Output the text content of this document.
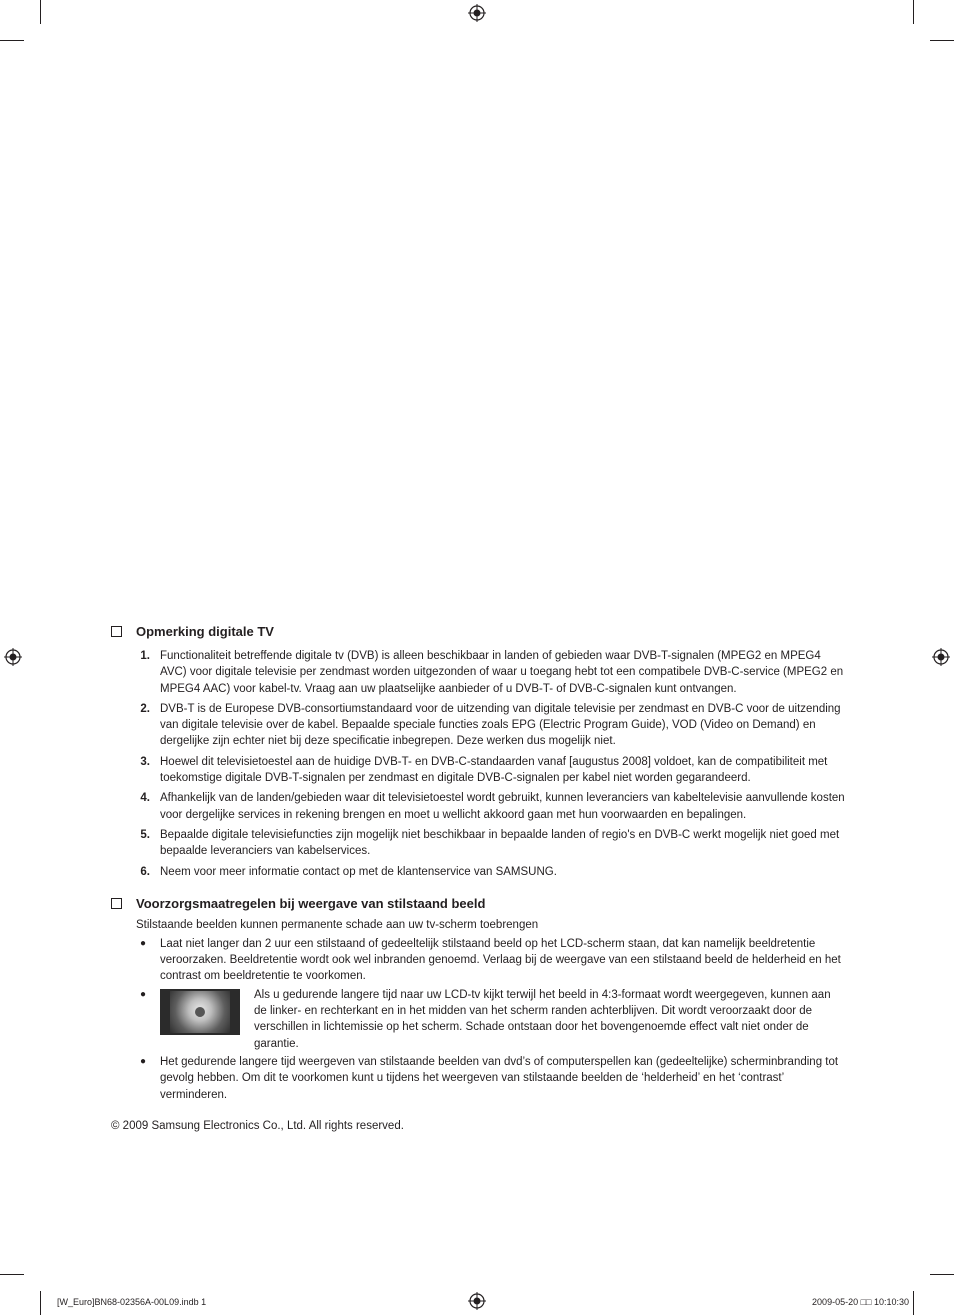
Opmerking digitale TV
1. Functionaliteit betreffende digitale tv (DVB) is alleen beschikbaar in landen of gebieden waar DVB-T-signalen (MPEG2 en MPEG4 AVC) voor digitale televisie per zendmast worden uitgezonden of waar u toegang hebt tot een compatibele DVB-C-service (MPEG2 en MPEG4 AAC) voor kabel-tv. Vraag aan uw plaatselijke aanbieder of u DVB-T- of DVB-C-signalen kunt ontvangen.
2. DVB-T is de Europese DVB-consortiumstandaard voor de uitzending van digitale televisie per zendmast en DVB-C voor de uitzending van digitale televisie over de kabel. Bepaalde speciale functies zoals EPG (Electric Program Guide), VOD (Video on Demand) en dergelijke zijn echter niet bij deze specificatie inbegrepen. Deze werken dus mogelijk niet.
3. Hoewel dit televisietoestel aan de huidige DVB-T- en DVB-C-standaarden vanaf [augustus 2008] voldoet, kan de compatibiliteit met toekomstige digitale DVB-T-signalen per zendmast en digitale DVB-C-signalen per kabel niet worden gegarandeerd.
4. Afhankelijk van de landen/gebieden waar dit televisietoestel wordt gebruikt, kunnen leveranciers van kabeltelevisie aanvullende kosten voor dergelijke services in rekening brengen en moet u wellicht akkoord gaan met hun voorwaarden en bepalingen.
5. Bepaalde digitale televisiefuncties zijn mogelijk niet beschikbaar in bepaalde landen of regio's en DVB-C werkt mogelijk niet goed met bepaalde leveranciers van kabelservices.
6. Neem voor meer informatie contact op met de klantenservice van SAMSUNG.
Voorzorgsmaatregelen bij weergave van stilstaand beeld

Stilstaande beelden kunnen permanente schade aan uw tv-scherm toebrengen

●	Laat niet langer dan 2 uur een stilstaand of gedeeltelijk stilstaand beeld op het LCD-scherm staan, dat kan namelijk beeldretentie veroorzaken. Beeldretentie wordt ook wel inbranden genoemd. Verlaag bij de weergave van een stilstaand beeld de helderheid en het contrast om beeldretentie te voorkomen.
●	Als u gedurende langere tijd naar uw LCD-tv kijkt terwijl het beeld in 4:3-formaat wordt weergegeven, kunnen aan de linker- en rechterkant en in het midden van het scherm randen achterblijven. Dit wordt veroorzaakt door de verschillen in lichtemissie op het scherm. Schade ontstaan door het bovengenoemde effect valt niet onder de garantie.
●	Het gedurende langere tijd weergeven van stilstaande beelden van dvd’s of computerspellen kan (gedeeltelijke) scherminbranding tot gevolg hebben. Om dit te voorkomen kunt u tijdens het weergeven van stilstaande beelden de ‘helderheid’ en het ‘contrast’ verminderen.
© 2009 Samsung Electronics Co., Ltd. All rights reserved.
[W_Euro]BN68-02356A-00L09.indb 1	2009-05-20 □□ 10:10:30
